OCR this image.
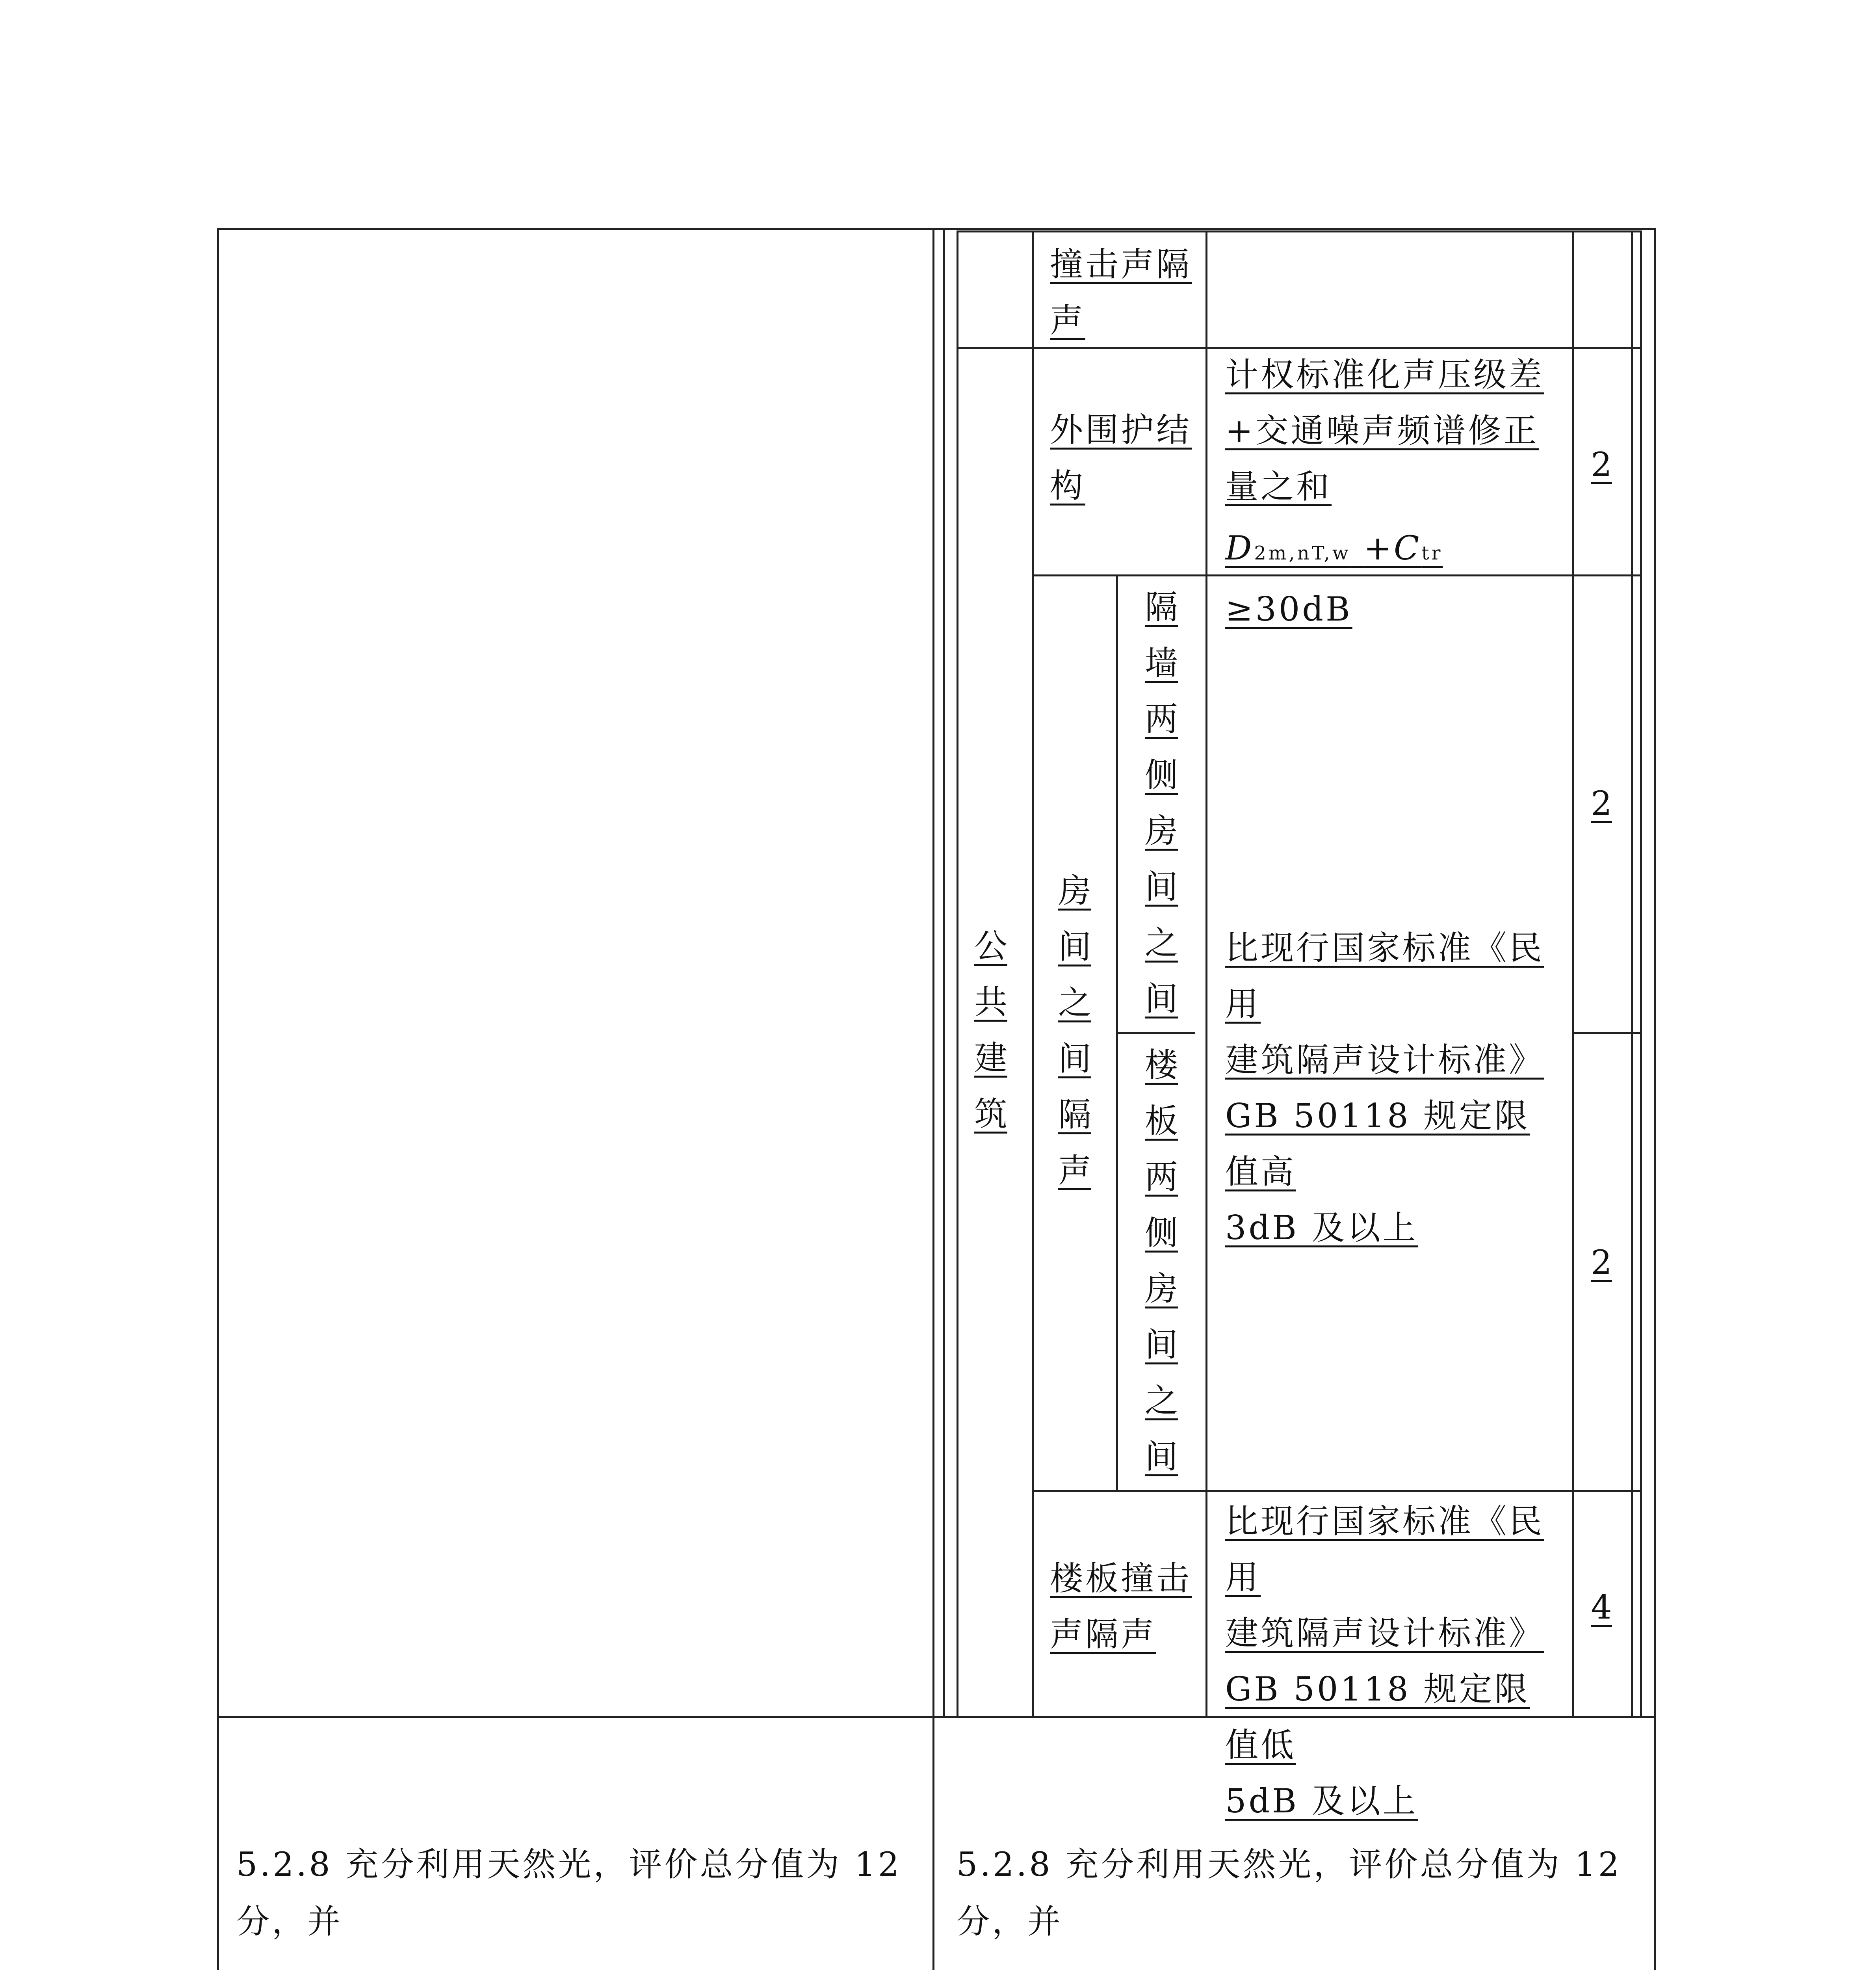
撞击声隔声
外围护结构
计权标准化声压级差+交通噪声频谱修正量之和
D2m,nT,w +Ctr ≥30dB
2
公
共
建
筑
房
间
之
间
隔
声
隔
墙
两
侧
房
间
之
间
楼
板
两
侧
房
间
之
间
比现行国家标准《民用
建筑隔声设计标准》
GB 50118 规定限值高
3dB 及以上
2
2
楼板撞击声隔声
比现行国家标准《民用
建筑隔声设计标准》
GB 50118 规定限值低
5dB 及以上
4

5.2.8 充分利用天然光，评价总分值为 12 分，并

5.2.8 充分利用天然光，评价总分值为 12 分，并
